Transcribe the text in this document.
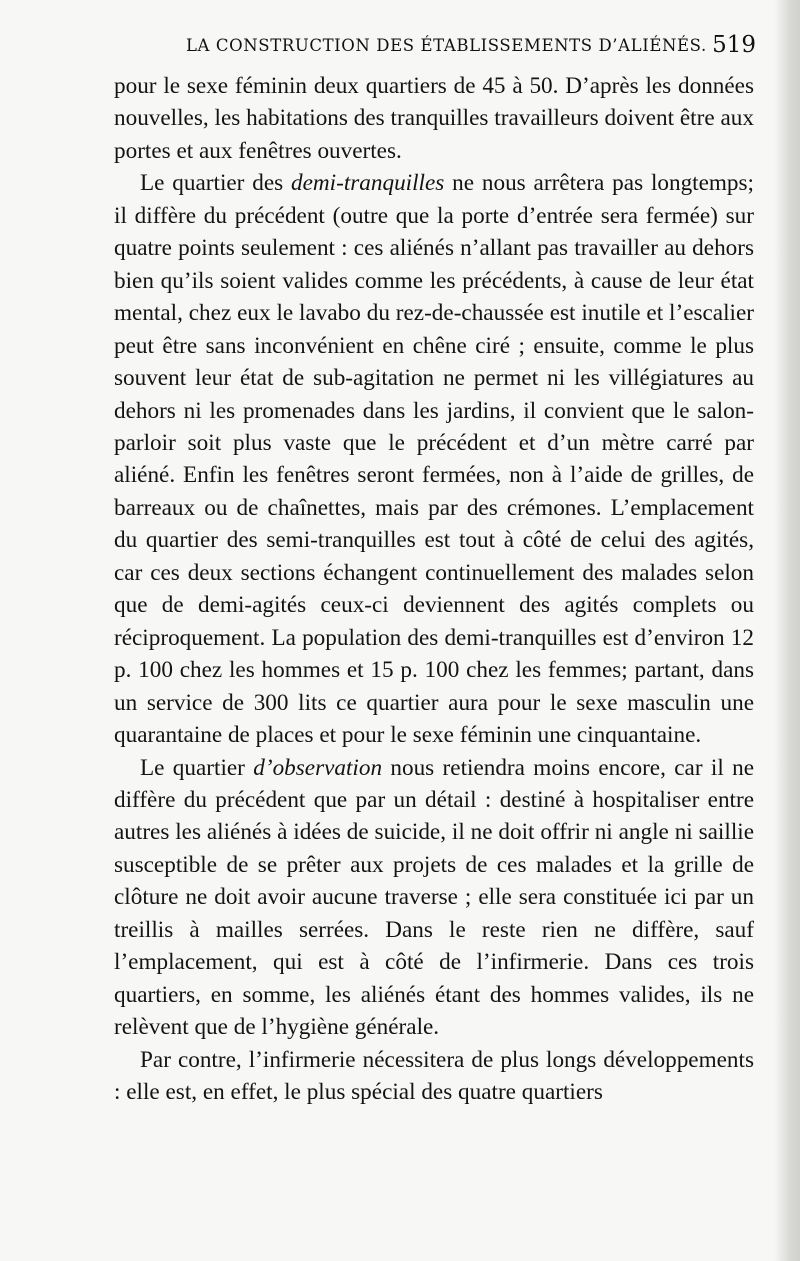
LA CONSTRUCTION DES ÉTABLISSEMENTS D’ALIÉNÉS. 519

pour le sexe féminin deux quartiers de 45 à 50. D’après les données nouvelles, les habitations des tranquilles travailleurs doivent être aux portes et aux fenêtres ouvertes.

Le quartier des demi-tranquilles ne nous arrêtera pas longtemps; il diffère du précédent (outre que la porte d’entrée sera fermée) sur quatre points seulement : ces aliénés n’allant pas travailler au dehors bien qu’ils soient valides comme les précédents, à cause de leur état mental, chez eux le lavabo du rez-de-chaussée est inutile et l’escalier peut être sans inconvénient en chêne ciré ; ensuite, comme le plus souvent leur état de sub-agitation ne permet ni les villégiatures au dehors ni les promenades dans les jardins, il convient que le salon-parloir soit plus vaste que le précédent et d’un mètre carré par aliéné. Enfin les fenêtres seront fermées, non à l’aide de grilles, de barreaux ou de chaînettes, mais par des crémones. L’emplacement du quartier des semi-tranquilles est tout à côté de celui des agités, car ces deux sections échangent continuellement des malades selon que de demi-agités ceux-ci deviennent des agités complets ou réciproquement. La population des demi-tranquilles est d’environ 12 p. 100 chez les hommes et 15 p. 100 chez les femmes; partant, dans un service de 300 lits ce quartier aura pour le sexe masculin une quarantaine de places et pour le sexe féminin une cinquantaine.

Le quartier d’observation nous retiendra moins encore, car il ne diffère du précédent que par un détail : destiné à hospitaliser entre autres les aliénés à idées de suicide, il ne doit offrir ni angle ni saillie susceptible de se prêter aux projets de ces malades et la grille de clôture ne doit avoir aucune traverse ; elle sera constituée ici par un treillis à mailles serrées. Dans le reste rien ne diffère, sauf l’emplacement, qui est à côté de l’infirmerie. Dans ces trois quartiers, en somme, les aliénés étant des hommes valides, ils ne relèvent que de l’hygiène générale.

Par contre, l’infirmerie nécessitera de plus longs développements : elle est, en effet, le plus spécial des quatre quartiers
